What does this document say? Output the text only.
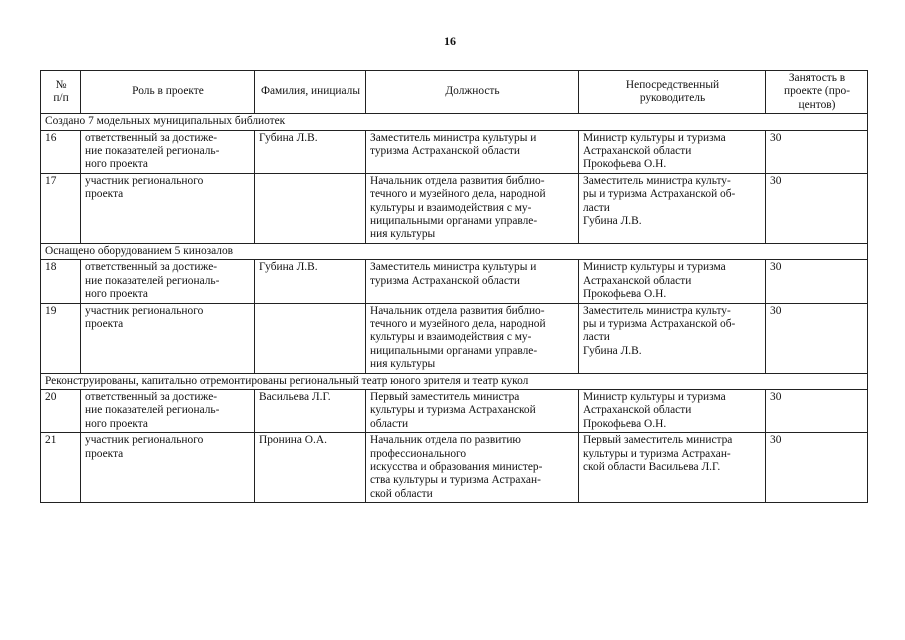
16
№
п/п	Роль в проекте	Фамилия, инициалы	Должность	Непосредственный
руководитель	Занятость в
проекте (про-
центов)
Создано 7 модельных муниципальных библиотек					
16	ответственный за достиже-
ние показателей региональ-
ного проекта	Губина Л.В.	Заместитель министра культуры и
туризма Астраханской области	Министр культуры и туризма
Астраханской области
Прокофьева О.Н.	30
17	участник регионального
проекта		Начальник отдела развития библио-
течного и музейного дела, народной
культуры и взаимодействия с му-
ниципальными органами управле-
ния культуры	Заместитель министра культу-
ры и туризма Астраханской об-
ласти
Губина Л.В.	30
Оснащено оборудованием 5 кинозалов					
18	ответственный за достиже-
ние показателей региональ-
ного проекта	Губина Л.В.	Заместитель министра культуры и
туризма Астраханской области	Министр культуры и туризма
Астраханской области
Прокофьева О.Н.	30
19	участник регионального
проекта		Начальник отдела развития библио-
течного и музейного дела, народной
культуры и взаимодействия с му-
ниципальными органами управле-
ния культуры	Заместитель министра культу-
ры и туризма Астраханской об-
ласти
Губина Л.В.	30
Реконструированы, капитально отремонтированы региональный театр юного зрителя и театр кукол					
20	ответственный за достиже-
ние показателей региональ-
ного проекта	Васильева Л.Г.	Первый заместитель министра
культуры и туризма Астраханской
области	Министр культуры и туризма
Астраханской области
Прокофьева О.Н.	30
21	участник регионального
проекта	Пронина О.А.	Начальник отдела по развитию
профессионального
искусства и образования министер-
ства культуры и туризма Астрахан-
ской области	Первый заместитель министра
культуры и туризма Астрахан-
ской области Васильева Л.Г.	30
